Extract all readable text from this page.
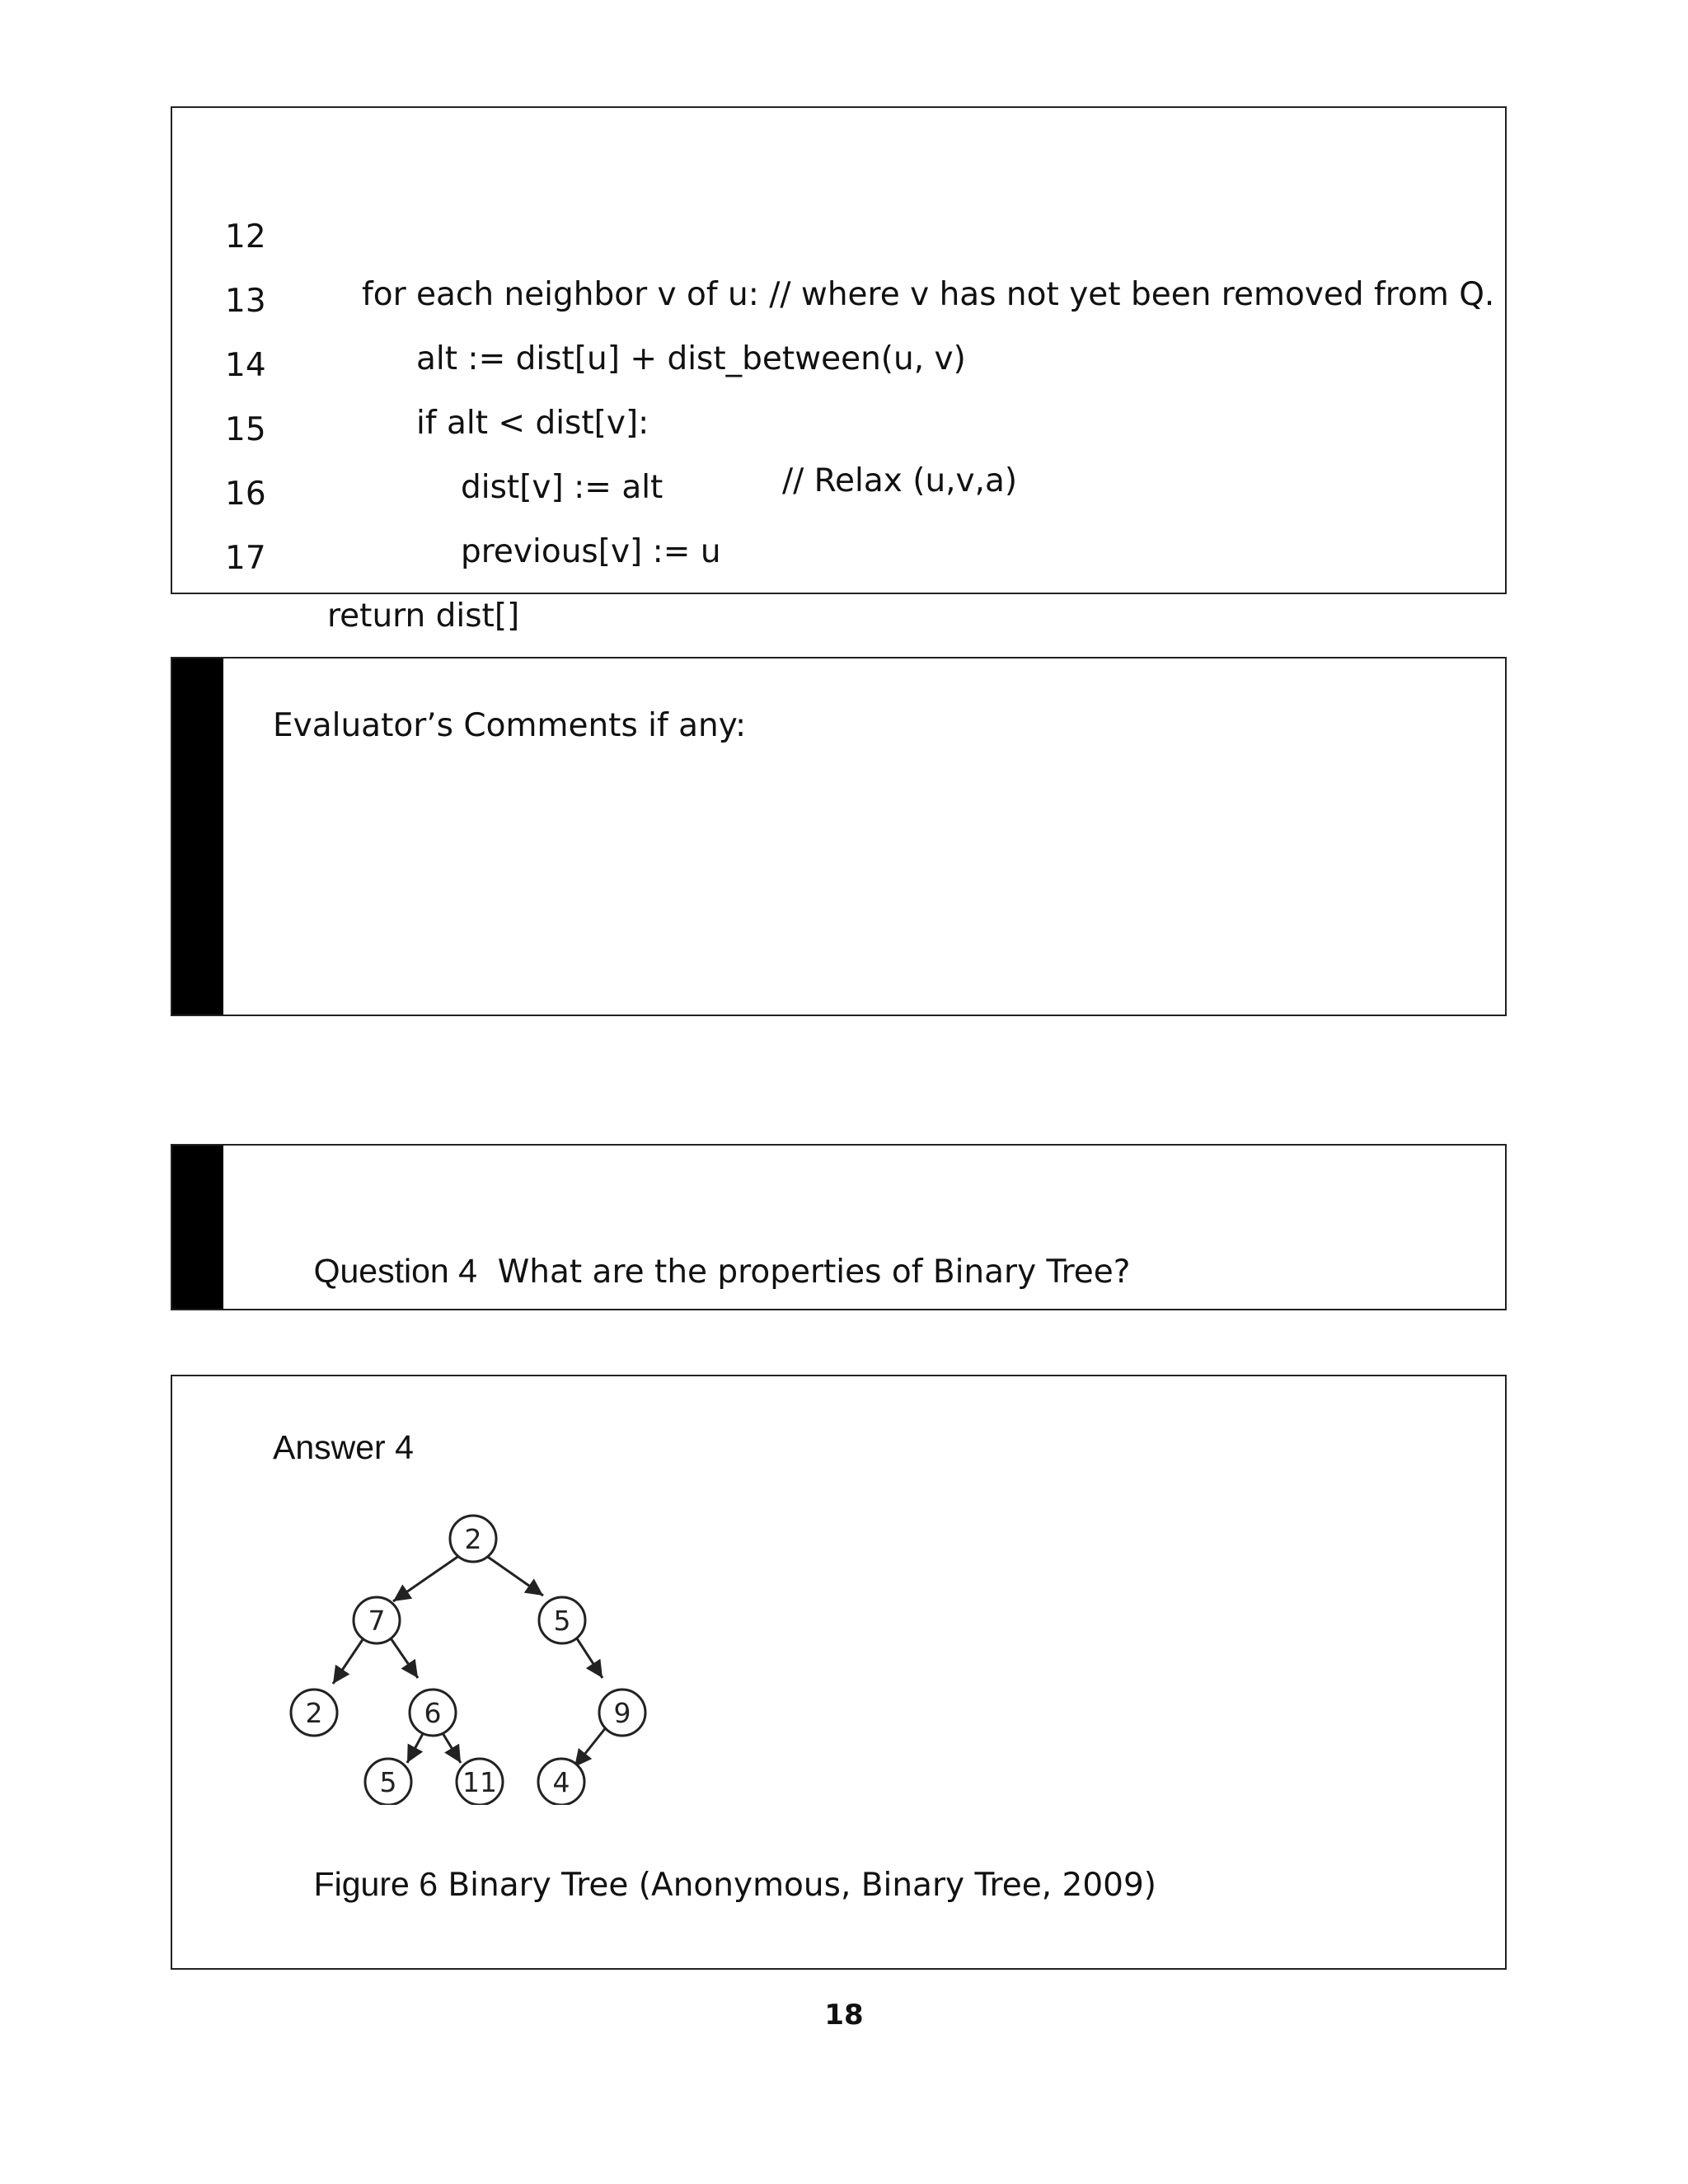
12

for each neighbor v of u: // where v has not yet been removed from Q.

13

alt := dist[u] + dist_between(u, v)

14

if alt < dist[v]:

// Relax (u,v,a)

15

dist[v] := alt

16

previous[v] := u

17

return dist[]

Evaluator’s Comments if any:

Question 4 What are the properties of Binary Tree?

Answer 4
2
7	5
2	6	9
5 11 4

Figure 6 Binary Tree (Anonymous, Binary Tree, 2009)

18
